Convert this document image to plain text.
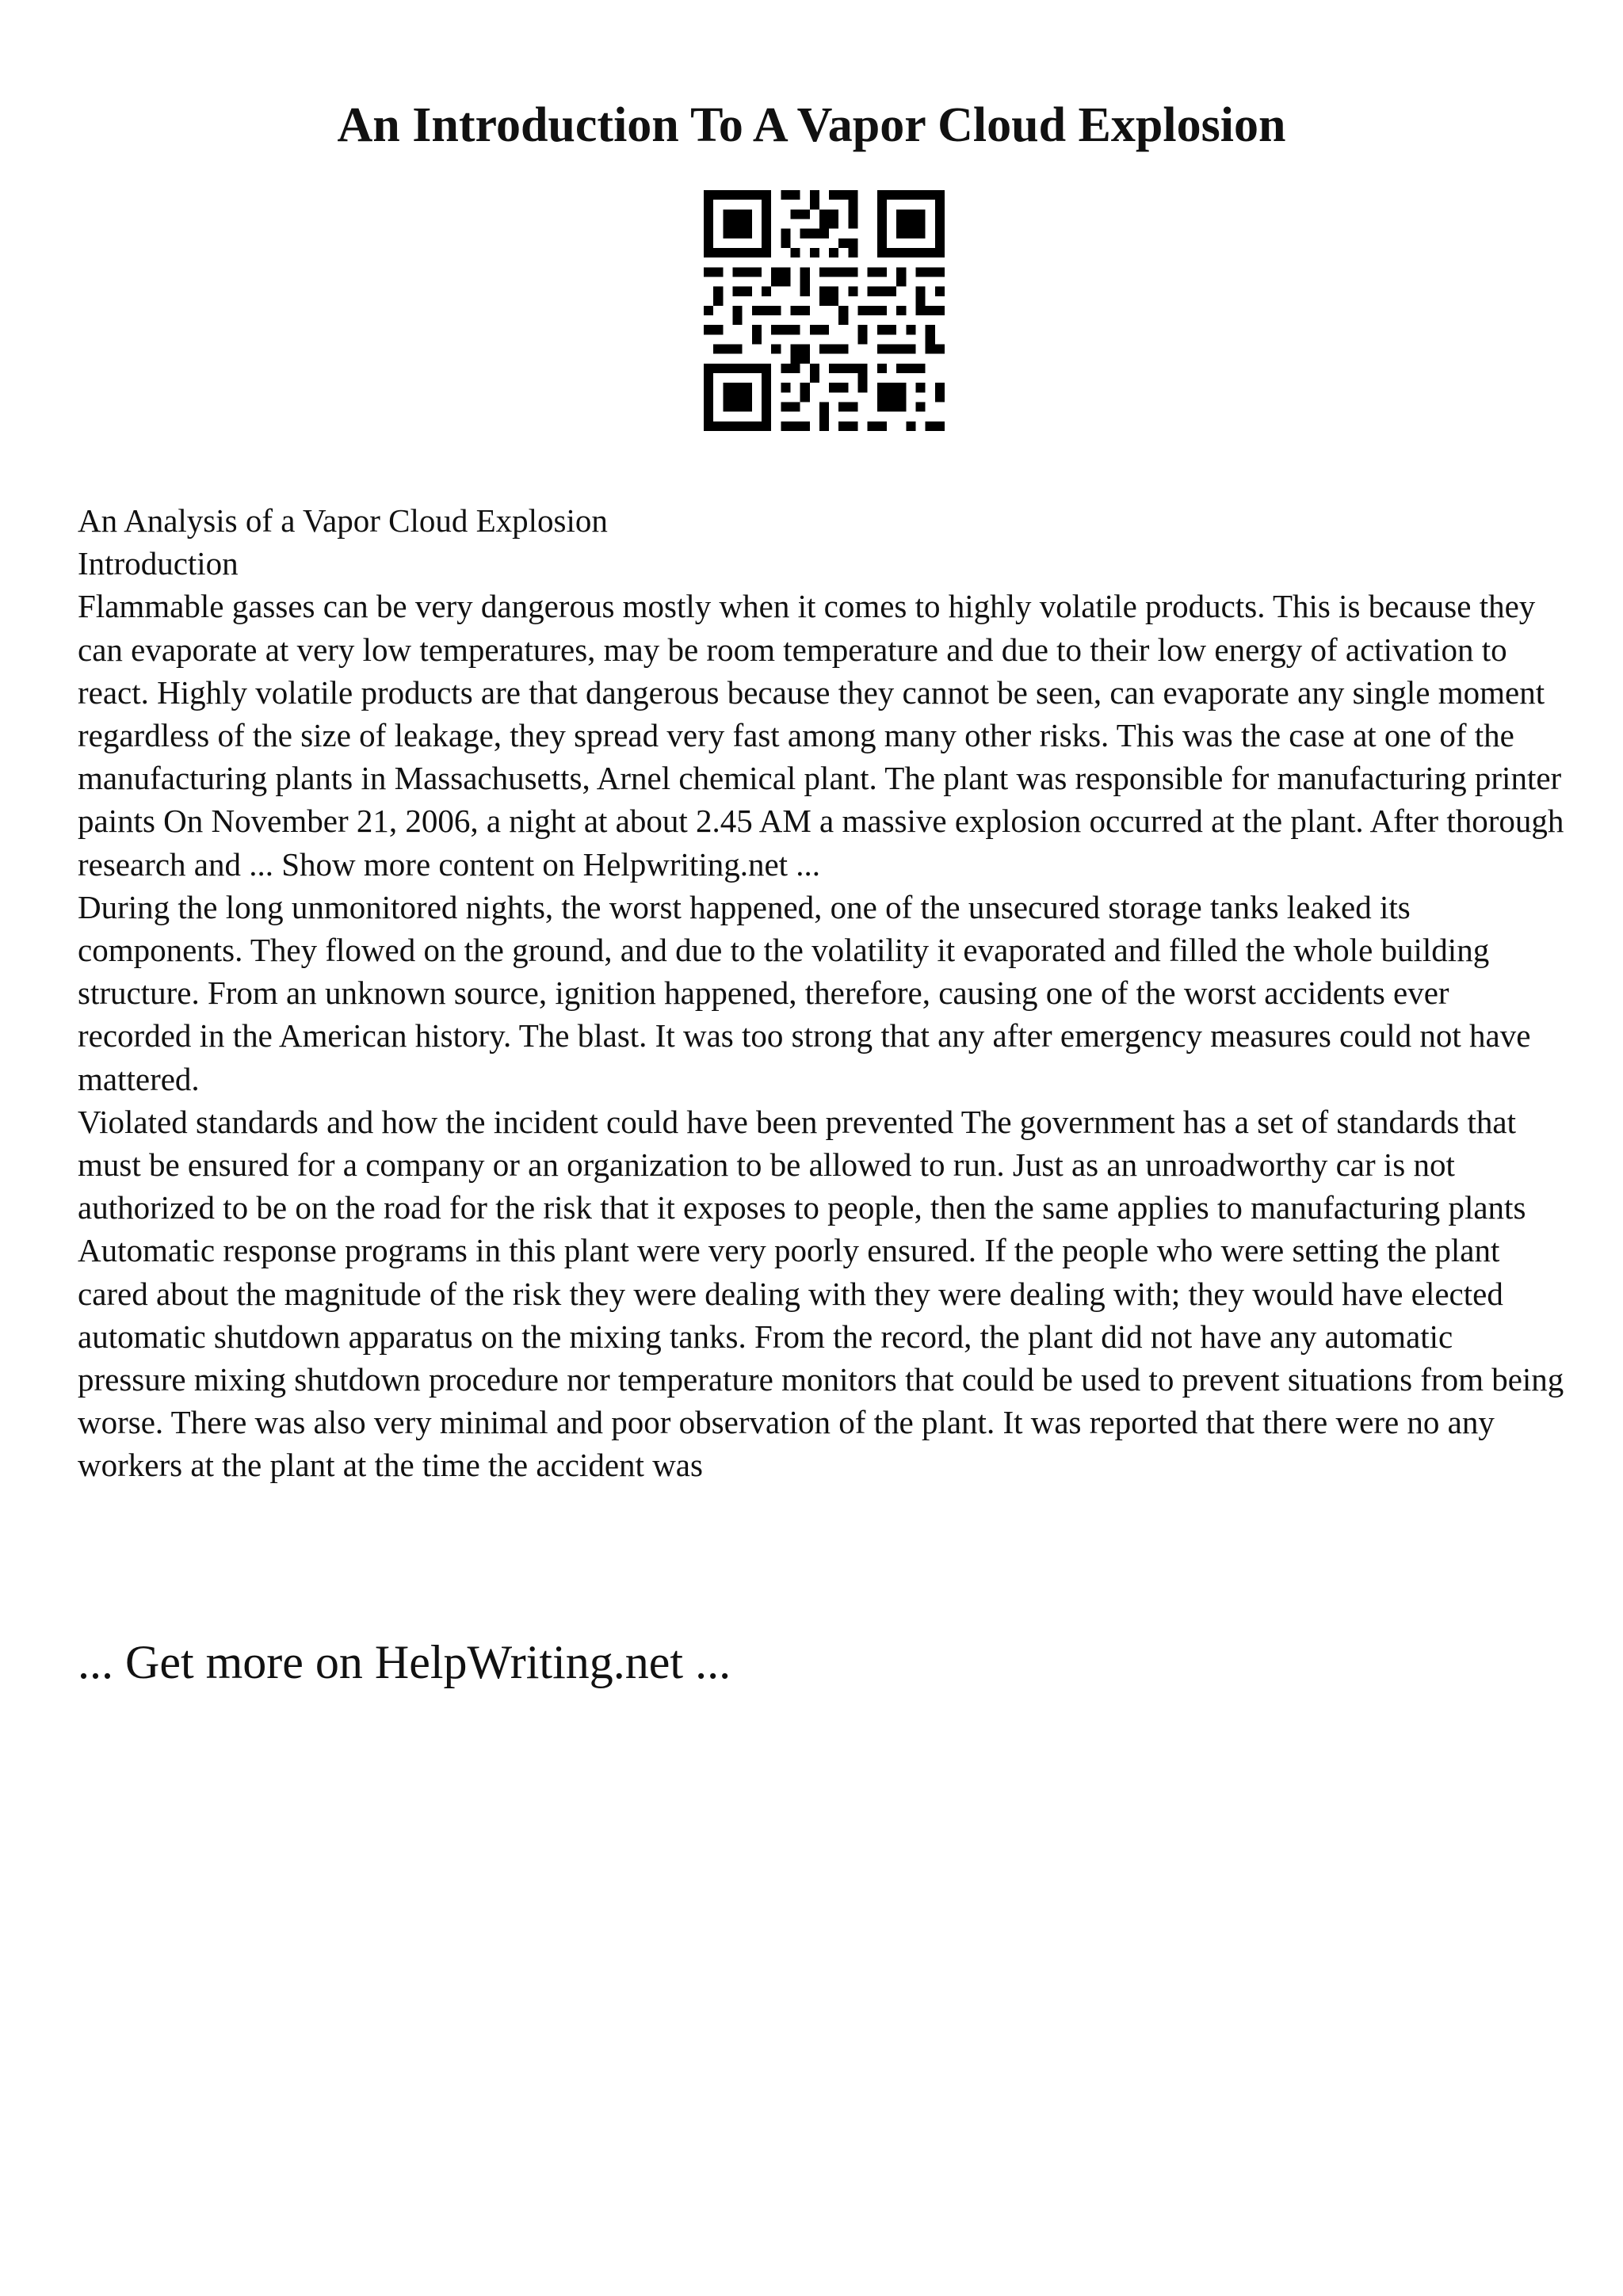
An Introduction To A Vapor Cloud Explosion

An Analysis of a Vapor Cloud Explosion

Introduction

Flammable gasses can be very dangerous mostly when it comes to highly volatile products. This is because they can evaporate at very low temperatures, may be room temperature and due to their low energy of activation to react. Highly volatile products are that dangerous because they cannot be seen, can evaporate any single moment regardless of the size of leakage, they spread very fast among many other risks. This was the case at one of the manufacturing plants in Massachusetts, Arnel chemical plant. The plant was responsible for manufacturing printer paints On November 21, 2006, a night at about 2.45 AM a massive explosion occurred at the plant. After thorough research and ... Show more content on Helpwriting.net ...

During the long unmonitored nights, the worst happened, one of the unsecured storage tanks leaked its components. They flowed on the ground, and due to the volatility it evaporated and filled the whole building structure. From an unknown source, ignition happened, therefore, causing one of the worst accidents ever recorded in the American history. The blast. It was too strong that any after emergency measures could not have mattered.

Violated standards and how the incident could have been prevented The government has a set of standards that must be ensured for a company or an organization to be allowed to run. Just as an unroadworthy car is not authorized to be on the road for the risk that it exposes to people, then the same applies to manufacturing plants Automatic response programs in this plant were very poorly ensured. If the people who were setting the plant cared about the magnitude of the risk they were dealing with they were dealing with; they would have elected automatic shutdown apparatus on the mixing tanks. From the record, the plant did not have any automatic pressure mixing shutdown procedure nor temperature monitors that could be used to prevent situations from being worse. There was also very minimal and poor observation of the plant. It was reported that there were no any workers at the plant at the time the accident was

... Get more on HelpWriting.net ...
